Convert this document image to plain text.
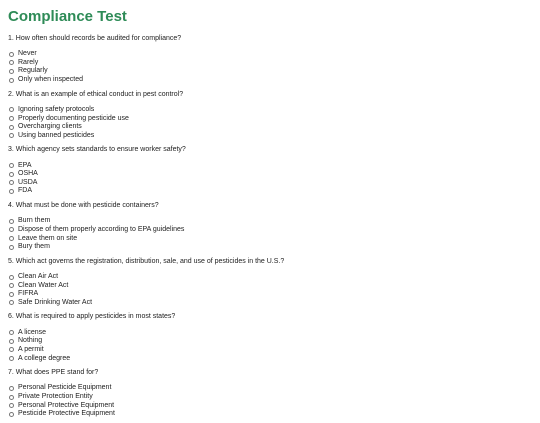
Compliance Test
1. How often should records be audited for compliance?
Never
Rarely
Regularly
Only when inspected
2. What is an example of ethical conduct in pest control?
Ignoring safety protocols
Properly documenting pesticide use
Overcharging clients
Using banned pesticides
3. Which agency sets standards to ensure worker safety?
EPA
OSHA
USDA
FDA
4. What must be done with pesticide containers?
Burn them
Dispose of them properly according to EPA guidelines
Leave them on site
Bury them
5. Which act governs the registration, distribution, sale, and use of pesticides in the U.S.?
Clean Air Act
Clean Water Act
FIFRA
Safe Drinking Water Act
6. What is required to apply pesticides in most states?
A license
Nothing
A permit
A college degree
7. What does PPE stand for?
Personal Pesticide Equipment
Private Protection Entity
Personal Protective Equipment
Pesticide Protective Equipment
